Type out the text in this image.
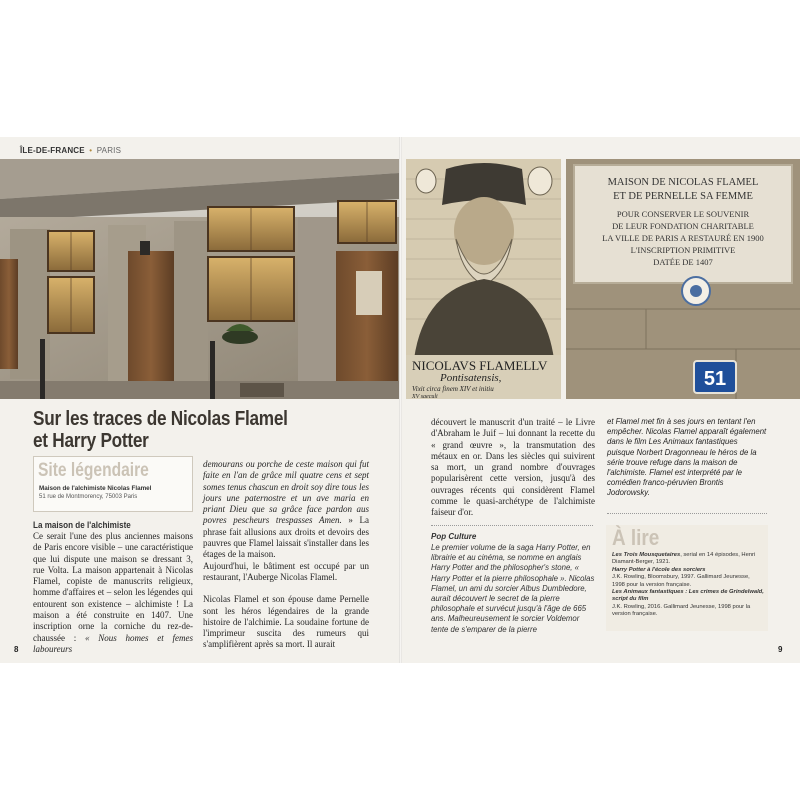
ÎLE-DE-FRANCE • PARIS
NICOLAVS FLAMELLV
Pontisatensis,
Vixit circa finem XIV et initiu
XV saeculi
MAISON DE NICOLAS FLAMEL
ET DE PERNELLE SA FEMME
POUR CONSERVER LE SOUVENIR
DE LEUR FONDATION CHARITABLE
LA VILLE DE PARIS A RESTAURÉ EN 1900
L'INSCRIPTION PRIMITIVE
DATÉE DE 1407
51
Sur les traces de Nicolas Flamel
et Harry Potter
Site légendaire
Maison de l'alchimiste Nicolas Flamel
51 rue de Montmorency, 75003 Paris
La maison de l'alchimiste

Ce serait l'une des plus anciennes maisons de Paris encore visible – une caractéristique que lui dispute une maison se dressant 3, rue Volta. La maison appartenait à Nicolas Flamel, copiste de manuscrits religieux, homme d'affaires et – selon les légendes qui entourent son existence – alchimiste ! La maison a été construite en 1407. Une inscription orne la corniche du rez-de-chaussée : « Nous homes et femes laboureurs

demourans ou porche de ceste maison qui fut faite en l'an de grâce mil quatre cens et sept somes tenus chascun en droit soy dire tous les jours une paternostre et un ave maria en priant Dieu que sa grâce face pardon aus povres pescheurs trespasses Amen. » La phrase fait allusions aux droits et devoirs des pauvres que Flamel laissait s'installer dans les étages de la maison.

Aujourd'hui, le bâtiment est occupé par un restaurant, l'Auberge Nicolas Flamel.

Nicolas Flamel et son épouse dame Pernelle sont les héros légendaires de la grande histoire de l'alchimie. La soudaine fortune de l'imprimeur suscita des rumeurs qui s'amplifièrent après sa mort. Il aurait

découvert le manuscrit d'un traité – le Livre d'Abraham le Juif – lui donnant la recette du « grand œuvre », la transmutation des métaux en or. Dans les siècles qui suivirent sa mort, un grand nombre d'ouvrages popularisèrent cette version, jusqu'à des ouvrages récents qui considèrent Flamel comme le quasi-archétype de l'alchimiste faiseur d'or.

Pop Culture

Le premier volume de la saga Harry Potter, en librairie et au cinéma, se nomme en anglais Harry Potter and the philosopher's stone, « Harry Potter et la pierre philosophale ». Nicolas Flamel, un ami du sorcier Albus Dumbledore, aurait découvert le secret de la pierre philosophale et survécut jusqu'à l'âge de 665 ans. Malheureusement le sorcier Voldemor tente de s'emparer de la pierre

et Flamel met fin à ses jours en tentant l'en empêcher. Nicolas Flamel apparaît également dans le film Les Animaux fantastiques puisque Norbert Dragonneau le héros de la série trouve refuge dans la maison de l'alchimiste. Flamel est interprété par le comédien franco-péruvien Brontis Jodorowsky.

À lire
Les Trois Mousquetaires, serial en 14 épisodes, Henri Diamant-Berger, 1921.
Harry Potter à l'école des sorciers
J.K. Rowling, Bloomsbury, 1997. Gallimard Jeunesse, 1998 pour la version française.
Les Animaux fantastiques : Les crimes de Grindelwald, script du film
J.K. Rowling, 2016. Gallimard Jeunesse, 1998 pour la version française.
8	9
